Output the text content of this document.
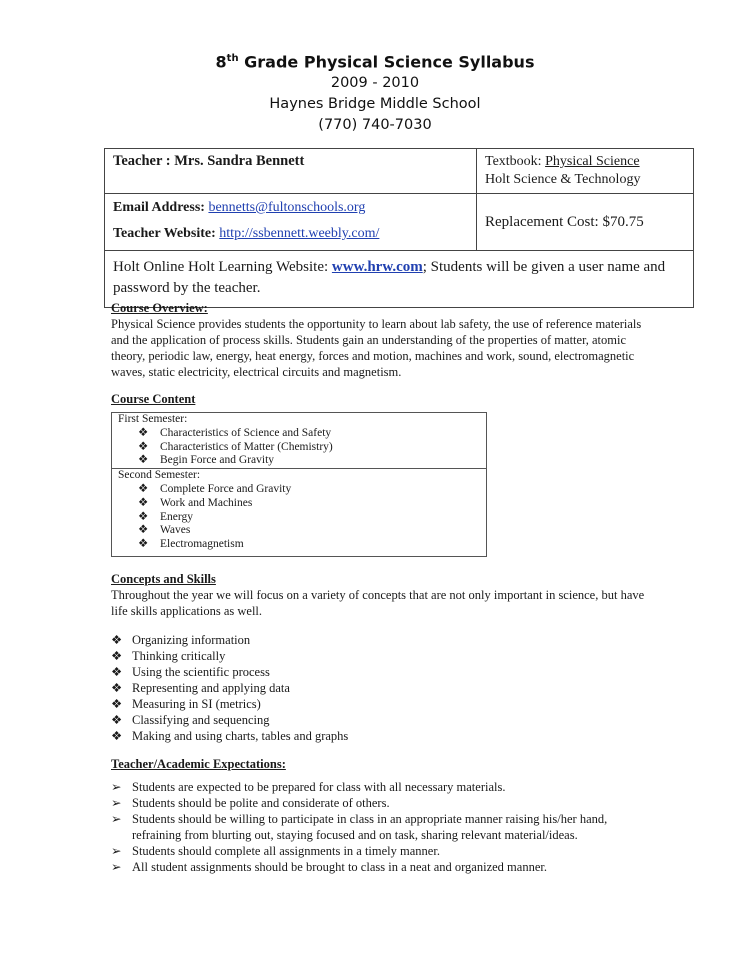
8th Grade Physical Science Syllabus
2009 - 2010
Haynes Bridge Middle School
(770) 740-7030
Teacher : Mrs. Sandra Bennett	Textbook: Physical Science
Holt Science & Technology

Email Address: bennetts@fultonschools.org
Teacher Website: http://ssbennett.weebly.com/	Replacement Cost: $70.75
Holt Online Holt Learning Website: www.hrw.com; Students will be given a user name and password by the teacher.	
Course Overview:
Physical Science provides students the opportunity to learn about lab safety, the use of reference materials and the application of process skills. Students gain an understanding of the properties of matter, atomic theory, periodic law, energy, heat energy, forces and motion, machines and work, sound, electromagnetic waves, static electricity, electrical circuits and magnetism.
Course Content
First Semester:
❖ Characteristics of Science and Safety
❖ Characteristics of Matter (Chemistry)
❖ Begin Force and Gravity
Second Semester:
❖ Complete Force and Gravity
❖ Work and Machines
❖ Energy
❖ Waves
❖ Electromagnetism
Concepts and Skills
Throughout the year we will focus on a variety of concepts that are not only important in science, but have life skills applications as well.
❖ Organizing information
❖ Thinking critically
❖ Using the scientific process
❖ Representing and applying data
❖ Measuring in SI (metrics)
❖ Classifying and sequencing
❖ Making and using charts, tables and graphs
Teacher/Academic Expectations:
➢ Students are expected to be prepared for class with all necessary materials.
➢ Students should be polite and considerate of others.
➢ Students should be willing to participate in class in an appropriate manner raising his/her hand, refraining from blurting out, staying focused and on task, sharing relevant material/ideas.
➢ Students should complete all assignments in a timely manner.
➢ All student assignments should be brought to class in a neat and organized manner.
